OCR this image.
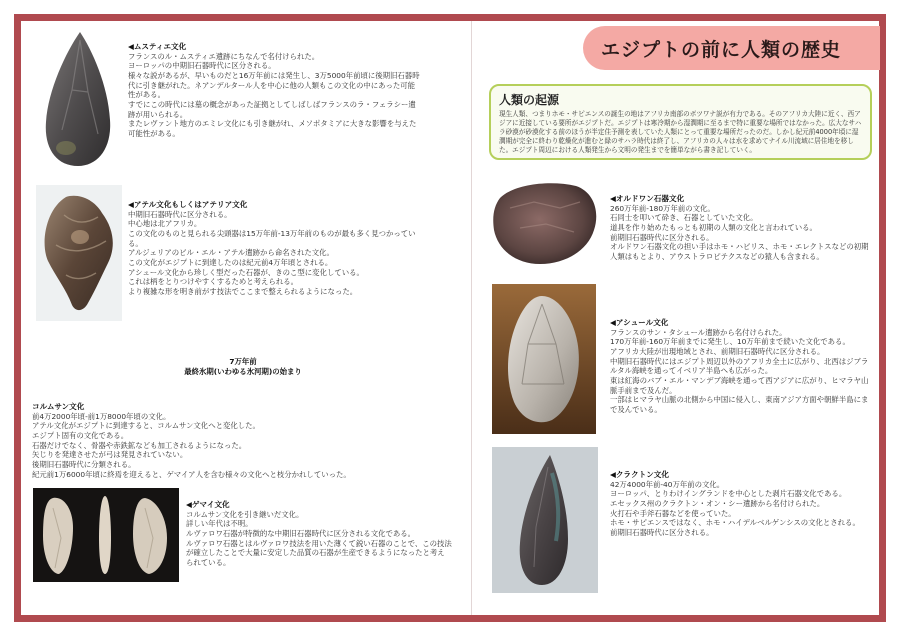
◀ムスティエ文化
フランスのル・ムスティエ遺跡にちなんで名付けられた。
ヨーロッパの中期旧石器時代に区分される。
様々な説があるが、早いものだと16万年前には発生し、3万5000年前頃に後期旧石器時代に引き継がれた。ネアンデルタール人を中心に他の人類もこの文化の中にあった可能性がある。
すでにこの時代には墓の概念があった証拠としてしばしばフランスのラ・フェラシー遺跡が用いられる。
またレヴァント地方のエミレ文化にも引き継がれ、メソポタミアに大きな影響を与えた可能性がある。
◀アテル文化もしくはアテリア文化
中期旧石器時代に区分される。
中心地は北アフリカ。
この文化のものと見られる尖頭器は15万年前-13万年前のものが最も多く見つかっている。
アルジェリアのビル・エル・アテル遺跡から命名された文化。
この文化がエジプトに到達したのは紀元前4万年頃とされる。
アシュール文化から珍しく型だった石器が、きのこ型に変化している。
これは柄をとりつけやすくするためと考えられる。
より複雑な形を明き前がす技法でここまで整えられるようになった。
7万年前
最終氷期(いわゆる氷河期)の始まり
コルムサン文化
前4万2000年頃-前1万8000年頃の文化。
アテル文化がエジプトに到達すると、コルムサン文化へと変化した。
エジプト固有の文化である。
石器だけでなく、骨器や赤鉄鉱なども加工されるようになった。
矢じりを発達させたが弓は発見されていない。
後期旧石器時代に分類される。
紀元前1万6000年頃に終焉を迎えると、ゲマイア人を含む様々の文化へと枝分かれしていった。
◀ゲマイ文化
コルムサン文化を引き継いだ文化。
詳しい年代は不明。
ルヴァロワ石器が特徴的な中期旧石器時代に区分される文化である。
ルヴァロワ石器とはルヴァロワ技法を用いた薄くて鋭い石器のことで、この技法が確立したことで大量に安定した品質の石器が生産できるようになったと考えられている。
エジプトの前に人類の歴史
人類の起源
現生人類、つまりホモ・サピエンスの誕生の地はアフリカ南部のボツワナ説が有力である。そのアフリカ大陸に近く、西アジアに近接している要所がエジプトだ。エジプトは寒冷期から湿潤期に至るまで特に重要な場所ではなかった。広大なサハラ砂漠が砂漠化する前のほうが半定住予測を表していた人類にとって重要な場所だったのだ。しかし紀元前4000年頃に湿潤期が完全に終わり乾燥化が進むと緑のサハラ時代は終了し、アフリカの人々は水を求めてナイル川流域に居住地を移した。エジプト周辺における人類発生から文明の発生までを簡単ながら書き記していく。
◀オルドワン石器文化
260万年前-180万年前の文化。
石同士を叩いて砕き、石器としていた文化。
道具を作り始めたもっとも初期の人類の文化と言われている。
前期旧石器時代に区分される。
オルドワン石器文化の担い手はホモ・ハビリス、ホモ・エレクトスなどの初期人類はもとより、アウストラロピテクスなどの猿人も含まれる。
◀アシュール文化
フランスのサン・タシュール遺跡から名付けられた。
170万年前-160万年前までに発生し、10万年前まで続いた文化である。
アフリカ大陸が出現地域とされ、前期旧石器時代に区分される。
中期旧石器時代にはエジプト周辺以外のアフリカ全土に広がり、北西はジブラルタル海峡を通ってイベリア半島へも広がった。
東は紅海のバブ・エル・マンデブ海峡を通って西アジアに広がり、ヒマラヤ山脈手前まで及んだ。
一部はヒマラヤ山脈の北側から中国に侵入し、東南アジア方面や朝鮮半島にまで及んでいる。
◀クラクトン文化
42万4000年前-40万年前の文化。
ヨーロッパ、とりわけイングランドを中心とした剥片石器文化である。
エセックス州のクラクトン・オン・シー遺跡から名付けられた。
火打石や手斧石器などを使っていた。
ホモ・サピエンスではなく、ホモ・ハイデルベルゲンシスの文化とされる。
前期旧石器時代に区分される。
